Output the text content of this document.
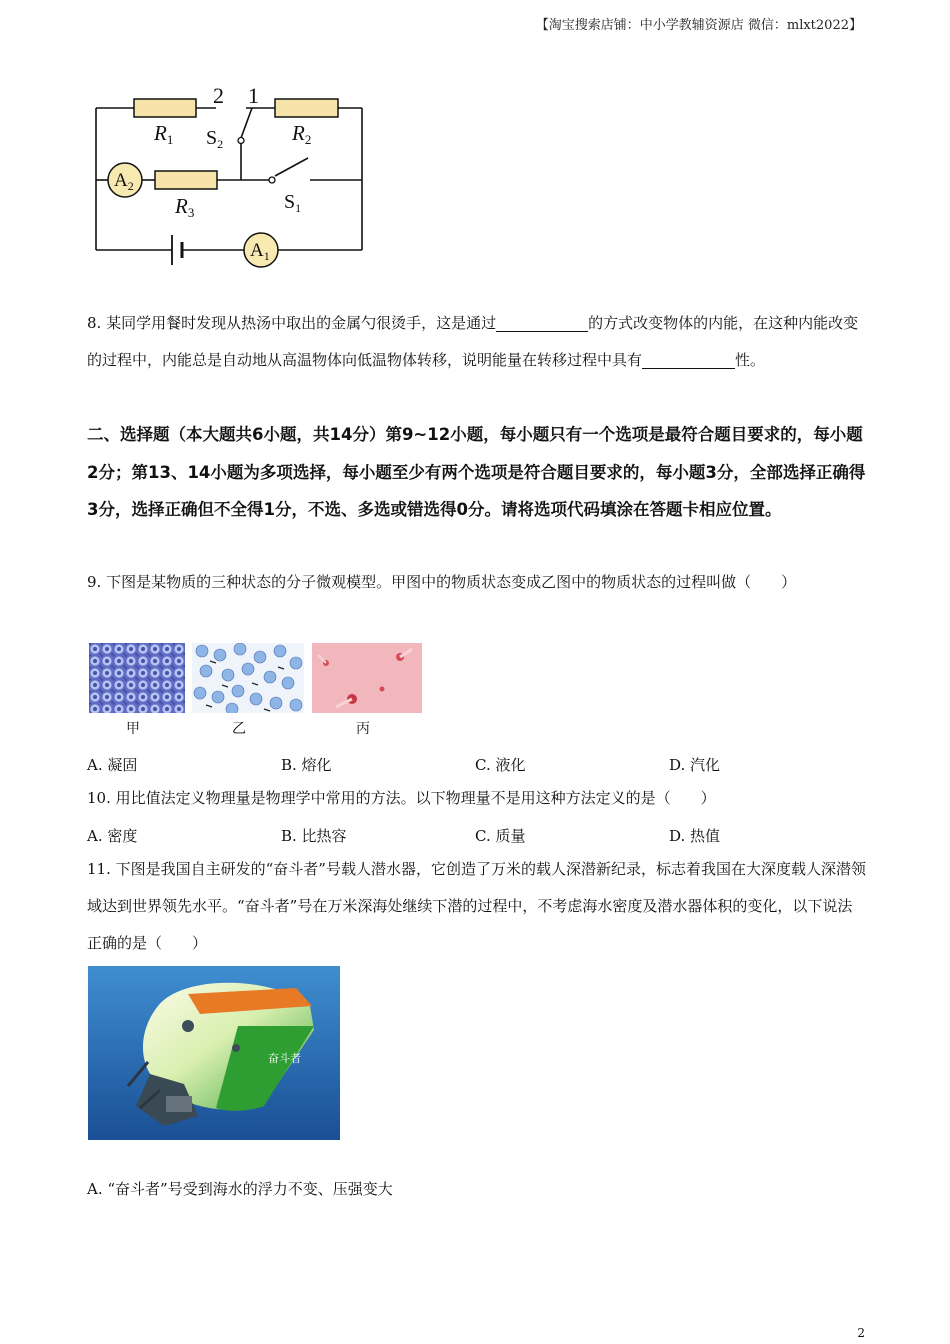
【淘宝搜索店铺：中小学教辅资源店 微信：mlxt2022】
$A_2$
$A_1$
R1	R2
R3
$S_2$
$S_1$
2 1

8. 某同学用餐时发现从热汤中取出的金属勺很烫手，这是通过	的方式改变物体的内能，在这种内能改变的过程中，内能总是自动地从高温物体向低温物体转移，说明能量在转移过程中具有	性。

二、选择题（本大题共6小题，共14分）第9~12小题，每小题只有一个选项是最符合题目要求的，每小题2分；第13、14小题为多项选择，每小题至少有两个选项是符合题目要求的，每小题3分，全部选择正确得3分，选择正确但不全得1分，不选、多选或错选得0分。请将选项代码填涂在答题卡相应位置。

9. 下图是某物质的三种状态的分子微观模型。甲图中的物质状态变成乙图中的物质状态的过程叫做（　　）

甲	乙	丙
A. 凝固	B. 熔化	C. 液化	D. 汽化

10. 用比值法定义物理量是物理学中常用的方法。以下物理量不是用这种方法定义的是（　　）

A. 密度	B. 比热容	C. 质量	D. 热值

11. 下图是我国自主研发的“奋斗者”号载人潜水器，它创造了万米的载人深潜新纪录，标志着我国在大深度载人深潜领域达到世界领先水平。“奋斗者”号在万米深海处继续下潜的过程中，不考虑海水密度及潜水器体积的变化，以下说法正确的是（　　）

奋斗者
A. “奋斗者”号受到海水的浮力不变、压强变大
2
